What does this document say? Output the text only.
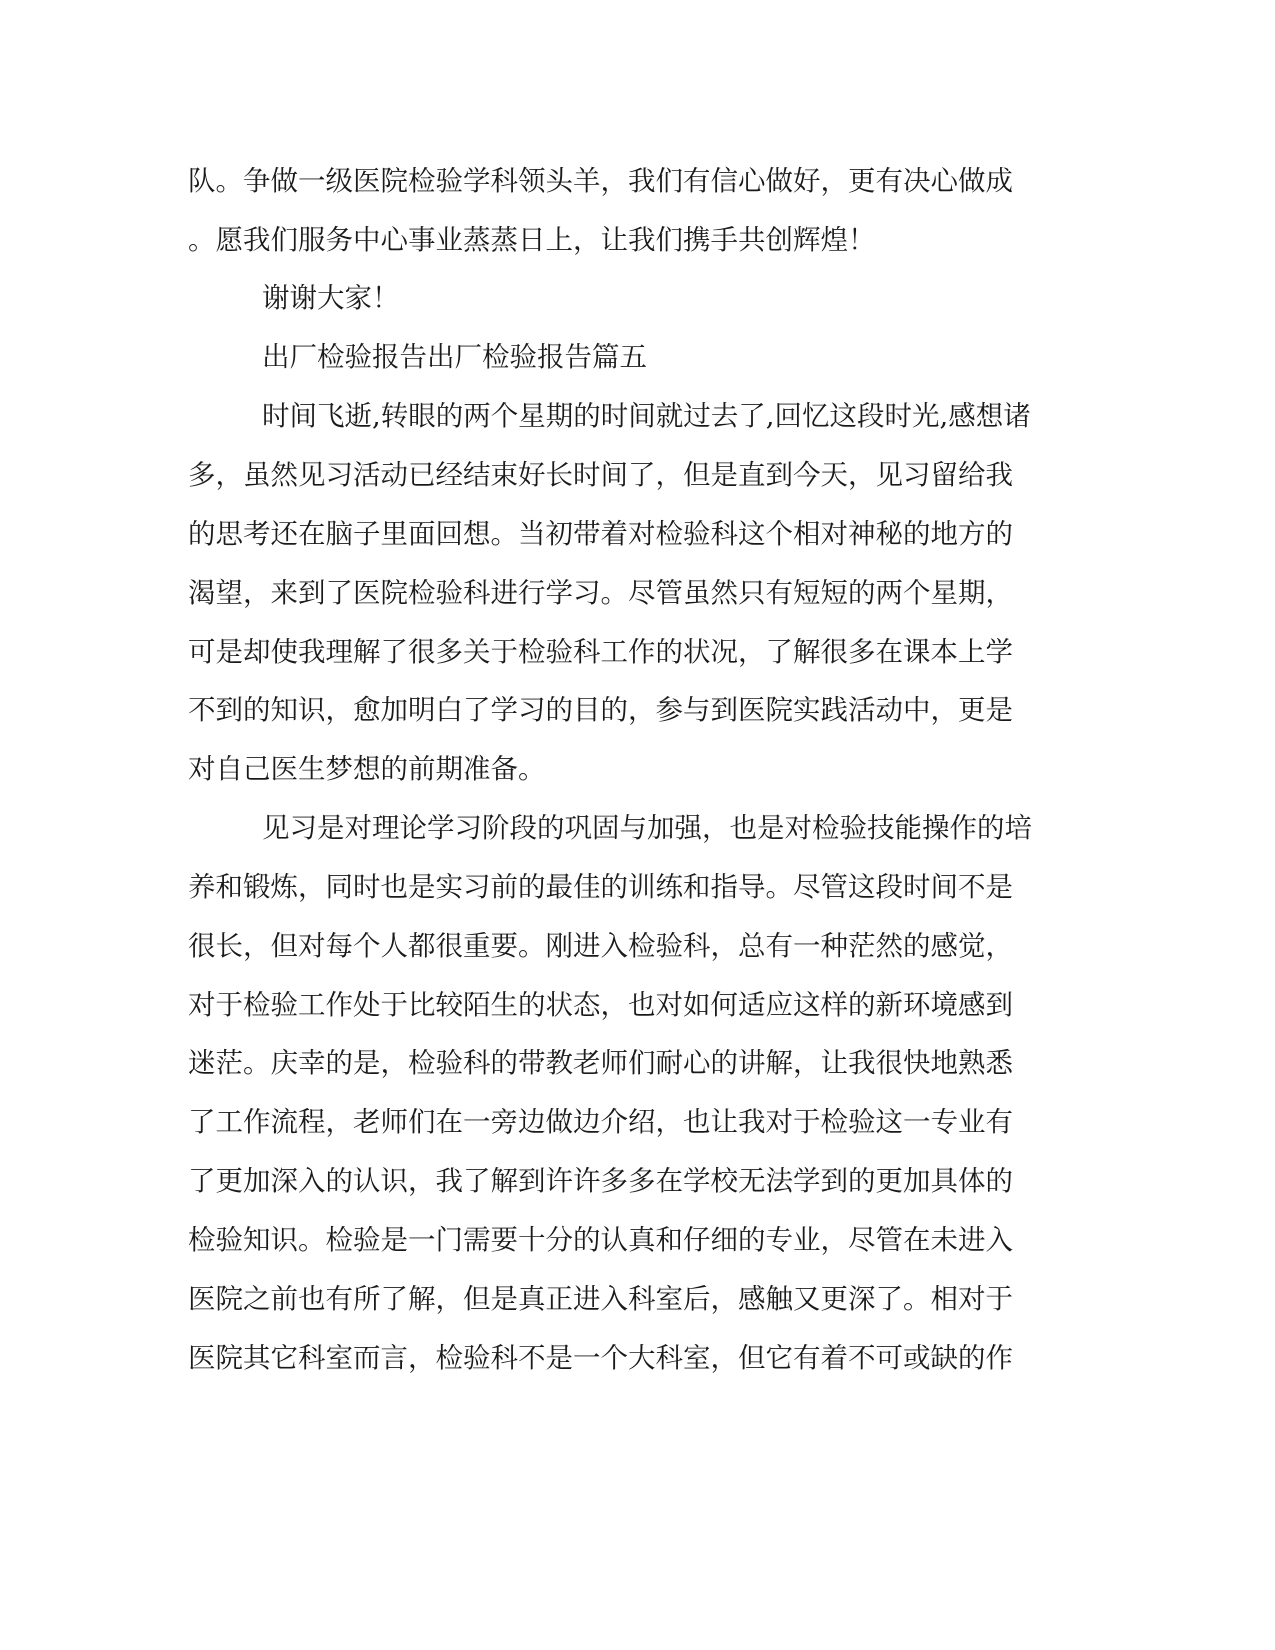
队。争做一级医院检验学科领头羊，我们有信心做好，更有决心做成
。愿我们服务中心事业蒸蒸日上，让我们携手共创辉煌！
谢谢大家！
出厂检验报告出厂检验报告篇五
时间飞逝,转眼的两个星期的时间就过去了,回忆这段时光,感想诸
多，虽然见习活动已经结束好长时间了，但是直到今天，见习留给我
的思考还在脑子里面回想。当初带着对检验科这个相对神秘的地方的
渴望，来到了医院检验科进行学习。尽管虽然只有短短的两个星期，
可是却使我理解了很多关于检验科工作的状况，了解很多在课本上学
不到的知识，愈加明白了学习的目的，参与到医院实践活动中，更是
对自己医生梦想的前期准备。
见习是对理论学习阶段的巩固与加强，也是对检验技能操作的培
养和锻炼，同时也是实习前的最佳的训练和指导。尽管这段时间不是
很长，但对每个人都很重要。刚进入检验科，总有一种茫然的感觉，
对于检验工作处于比较陌生的状态，也对如何适应这样的新环境感到
迷茫。庆幸的是，检验科的带教老师们耐心的讲解，让我很快地熟悉
了工作流程，老师们在一旁边做边介绍，也让我对于检验这一专业有
了更加深入的认识，我了解到许许多多在学校无法学到的更加具体的
检验知识。检验是一门需要十分的认真和仔细的专业，尽管在未进入
医院之前也有所了解，但是真正进入科室后，感触又更深了。相对于
医院其它科室而言，检验科不是一个大科室，但它有着不可或缺的作
